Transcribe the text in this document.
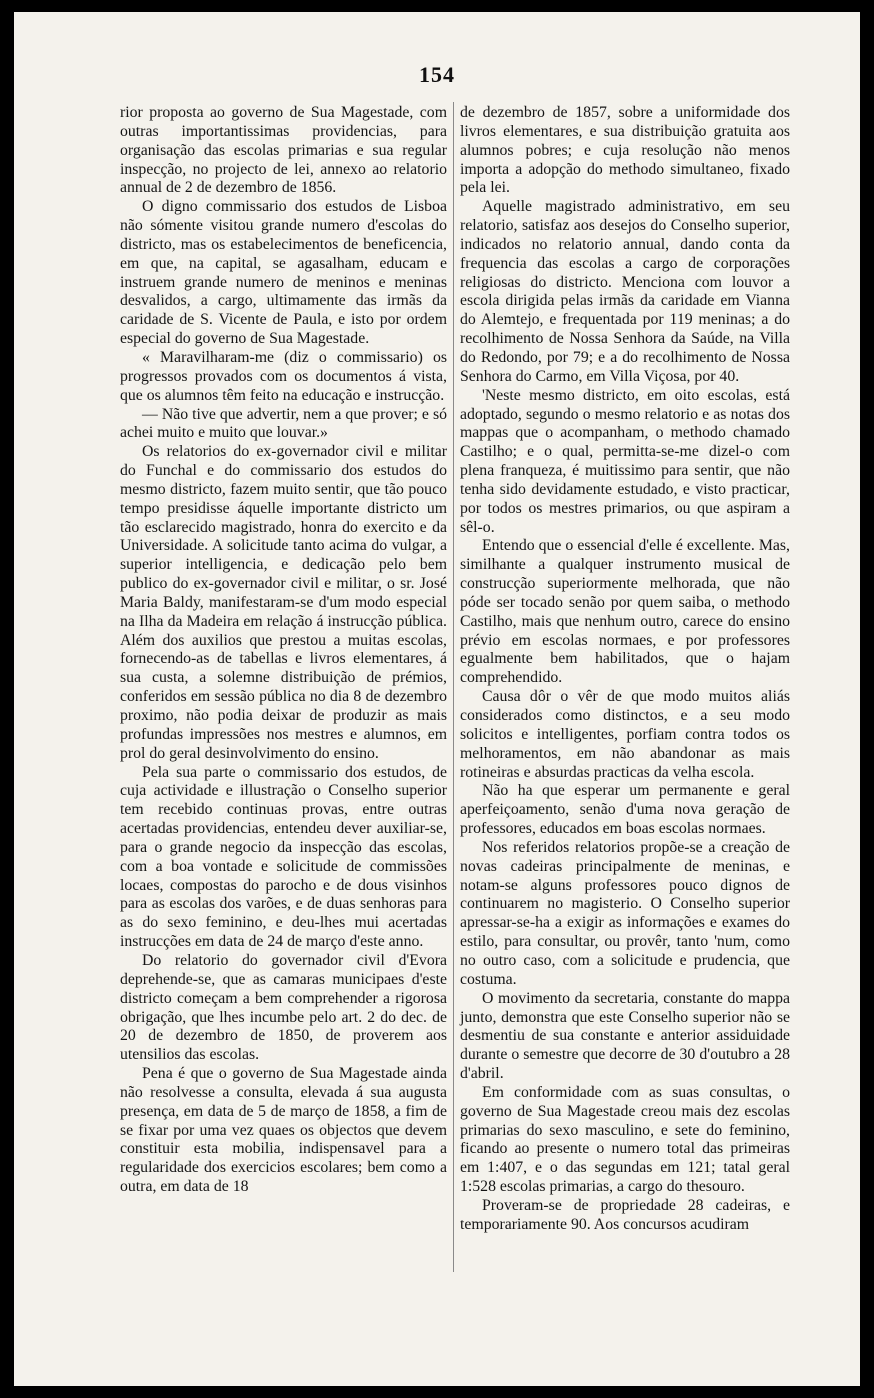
154

rior proposta ao governo de Sua Magestade, com outras importantissimas providencias, para organisação das escolas primarias e sua regular inspecção, no projecto de lei, annexo ao relatorio annual de 2 de dezembro de 1856.

O digno commissario dos estudos de Lisboa não sómente visitou grande numero d'escolas do districto, mas os estabelecimentos de beneficencia, em que, na capital, se agasalham, educam e instruem grande numero de meninos e meninas desvalidos, a cargo, ultimamente das irmãs da caridade de S. Vicente de Paula, e isto por ordem especial do governo de Sua Magestade.

« Maravilharam-me (diz o commissario) os progressos provados com os documentos á vista, que os alumnos têm feito na educação e instrucção.

— Não tive que advertir, nem a que prover; e só achei muito e muito que louvar.»

Os relatorios do ex-governador civil e militar do Funchal e do commissario dos estudos do mesmo districto, fazem muito sentir, que tão pouco tempo presidisse áquelle importante districto um tão esclarecido magistrado, honra do exercito e da Universidade. A solicitude tanto acima do vulgar, a superior intelligencia, e dedicação pelo bem publico do ex-governador civil e militar, o sr. José Maria Baldy, manifestaram-se d'um modo especial na Ilha da Madeira em relação á instrucção pública. Além dos auxilios que prestou a muitas escolas, fornecendo-as de tabellas e livros elementares, á sua custa, a solemne distribuição de prémios, conferidos em sessão pública no dia 8 de dezembro proximo, não podia deixar de produzir as mais profundas impressões nos mestres e alumnos, em prol do geral desinvolvimento do ensino.

Pela sua parte o commissario dos estudos, de cuja actividade e illustração o Conselho superior tem recebido continuas provas, entre outras acertadas providencias, entendeu dever auxiliar-se, para o grande negocio da inspecção das escolas, com a boa vontade e solicitude de commissões locaes, compostas do parocho e de dous visinhos para as escolas dos varões, e de duas senhoras para as do sexo feminino, e deu-lhes mui acertadas instrucções em data de 24 de março d'este anno.

Do relatorio do governador civil d'Evora deprehende-se, que as camaras municipaes d'este districto começam a bem comprehender a rigorosa obrigação, que lhes incumbe pelo art. 2 do dec. de 20 de dezembro de 1850, de proverem aos utensilios das escolas.

Pena é que o governo de Sua Magestade ainda não resolvesse a consulta, elevada á sua augusta presença, em data de 5 de março de 1858, a fim de se fixar por uma vez quaes os objectos que devem constituir esta mobilia, indispensavel para a regularidade dos exercicios escolares; bem como a outra, em data de 18

de dezembro de 1857, sobre a uniformidade dos livros elementares, e sua distribuição gratuita aos alumnos pobres; e cuja resolução não menos importa a adopção do methodo simultaneo, fixado pela lei.

Aquelle magistrado administrativo, em seu relatorio, satisfaz aos desejos do Conselho superior, indicados no relatorio annual, dando conta da frequencia das escolas a cargo de corporações religiosas do districto. Menciona com louvor a escola dirigida pelas irmãs da caridade em Vianna do Alemtejo, e frequentada por 119 meninas; a do recolhimento de Nossa Senhora da Saúde, na Villa do Redondo, por 79; e a do recolhimento de Nossa Senhora do Carmo, em Villa Viçosa, por 40.

'Neste mesmo districto, em oito escolas, está adoptado, segundo o mesmo relatorio e as notas dos mappas que o acompanham, o methodo chamado Castilho; e o qual, permitta-se-me dizel-o com plena franqueza, é muitissimo para sentir, que não tenha sido devidamente estudado, e visto practicar, por todos os mestres primarios, ou que aspiram a sêl-o.

Entendo que o essencial d'elle é excellente. Mas, similhante a qualquer instrumento musical de construcção superiormente melhorada, que não póde ser tocado senão por quem saiba, o methodo Castilho, mais que nenhum outro, carece do ensino prévio em escolas normaes, e por professores egualmente bem habilitados, que o hajam comprehendido.

Causa dôr o vêr de que modo muitos aliás considerados como distinctos, e a seu modo solicitos e intelligentes, porfiam contra todos os melhoramentos, em não abandonar as mais rotineiras e absurdas practicas da velha escola.

Não ha que esperar um permanente e geral aperfeiçoamento, senão d'uma nova geração de professores, educados em boas escolas normaes.

Nos referidos relatorios propõe-se a creação de novas cadeiras principalmente de meninas, e notam-se alguns professores pouco dignos de continuarem no magisterio. O Conselho superior apressar-se-ha a exigir as informações e exames do estilo, para consultar, ou provêr, tanto 'num, como no outro caso, com a solicitude e prudencia, que costuma.

O movimento da secretaria, constante do mappa junto, demonstra que este Conselho superior não se desmentiu de sua constante e anterior assiduidade durante o semestre que decorre de 30 d'outubro a 28 d'abril.

Em conformidade com as suas consultas, o governo de Sua Magestade creou mais dez escolas primarias do sexo masculino, e sete do feminino, ficando ao presente o numero total das primeiras em 1:407, e o das segundas em 121; tatal geral 1:528 escolas primarias, a cargo do thesouro.

Proveram-se de propriedade 28 cadeiras, e temporariamente 90. Aos concursos acudiram
